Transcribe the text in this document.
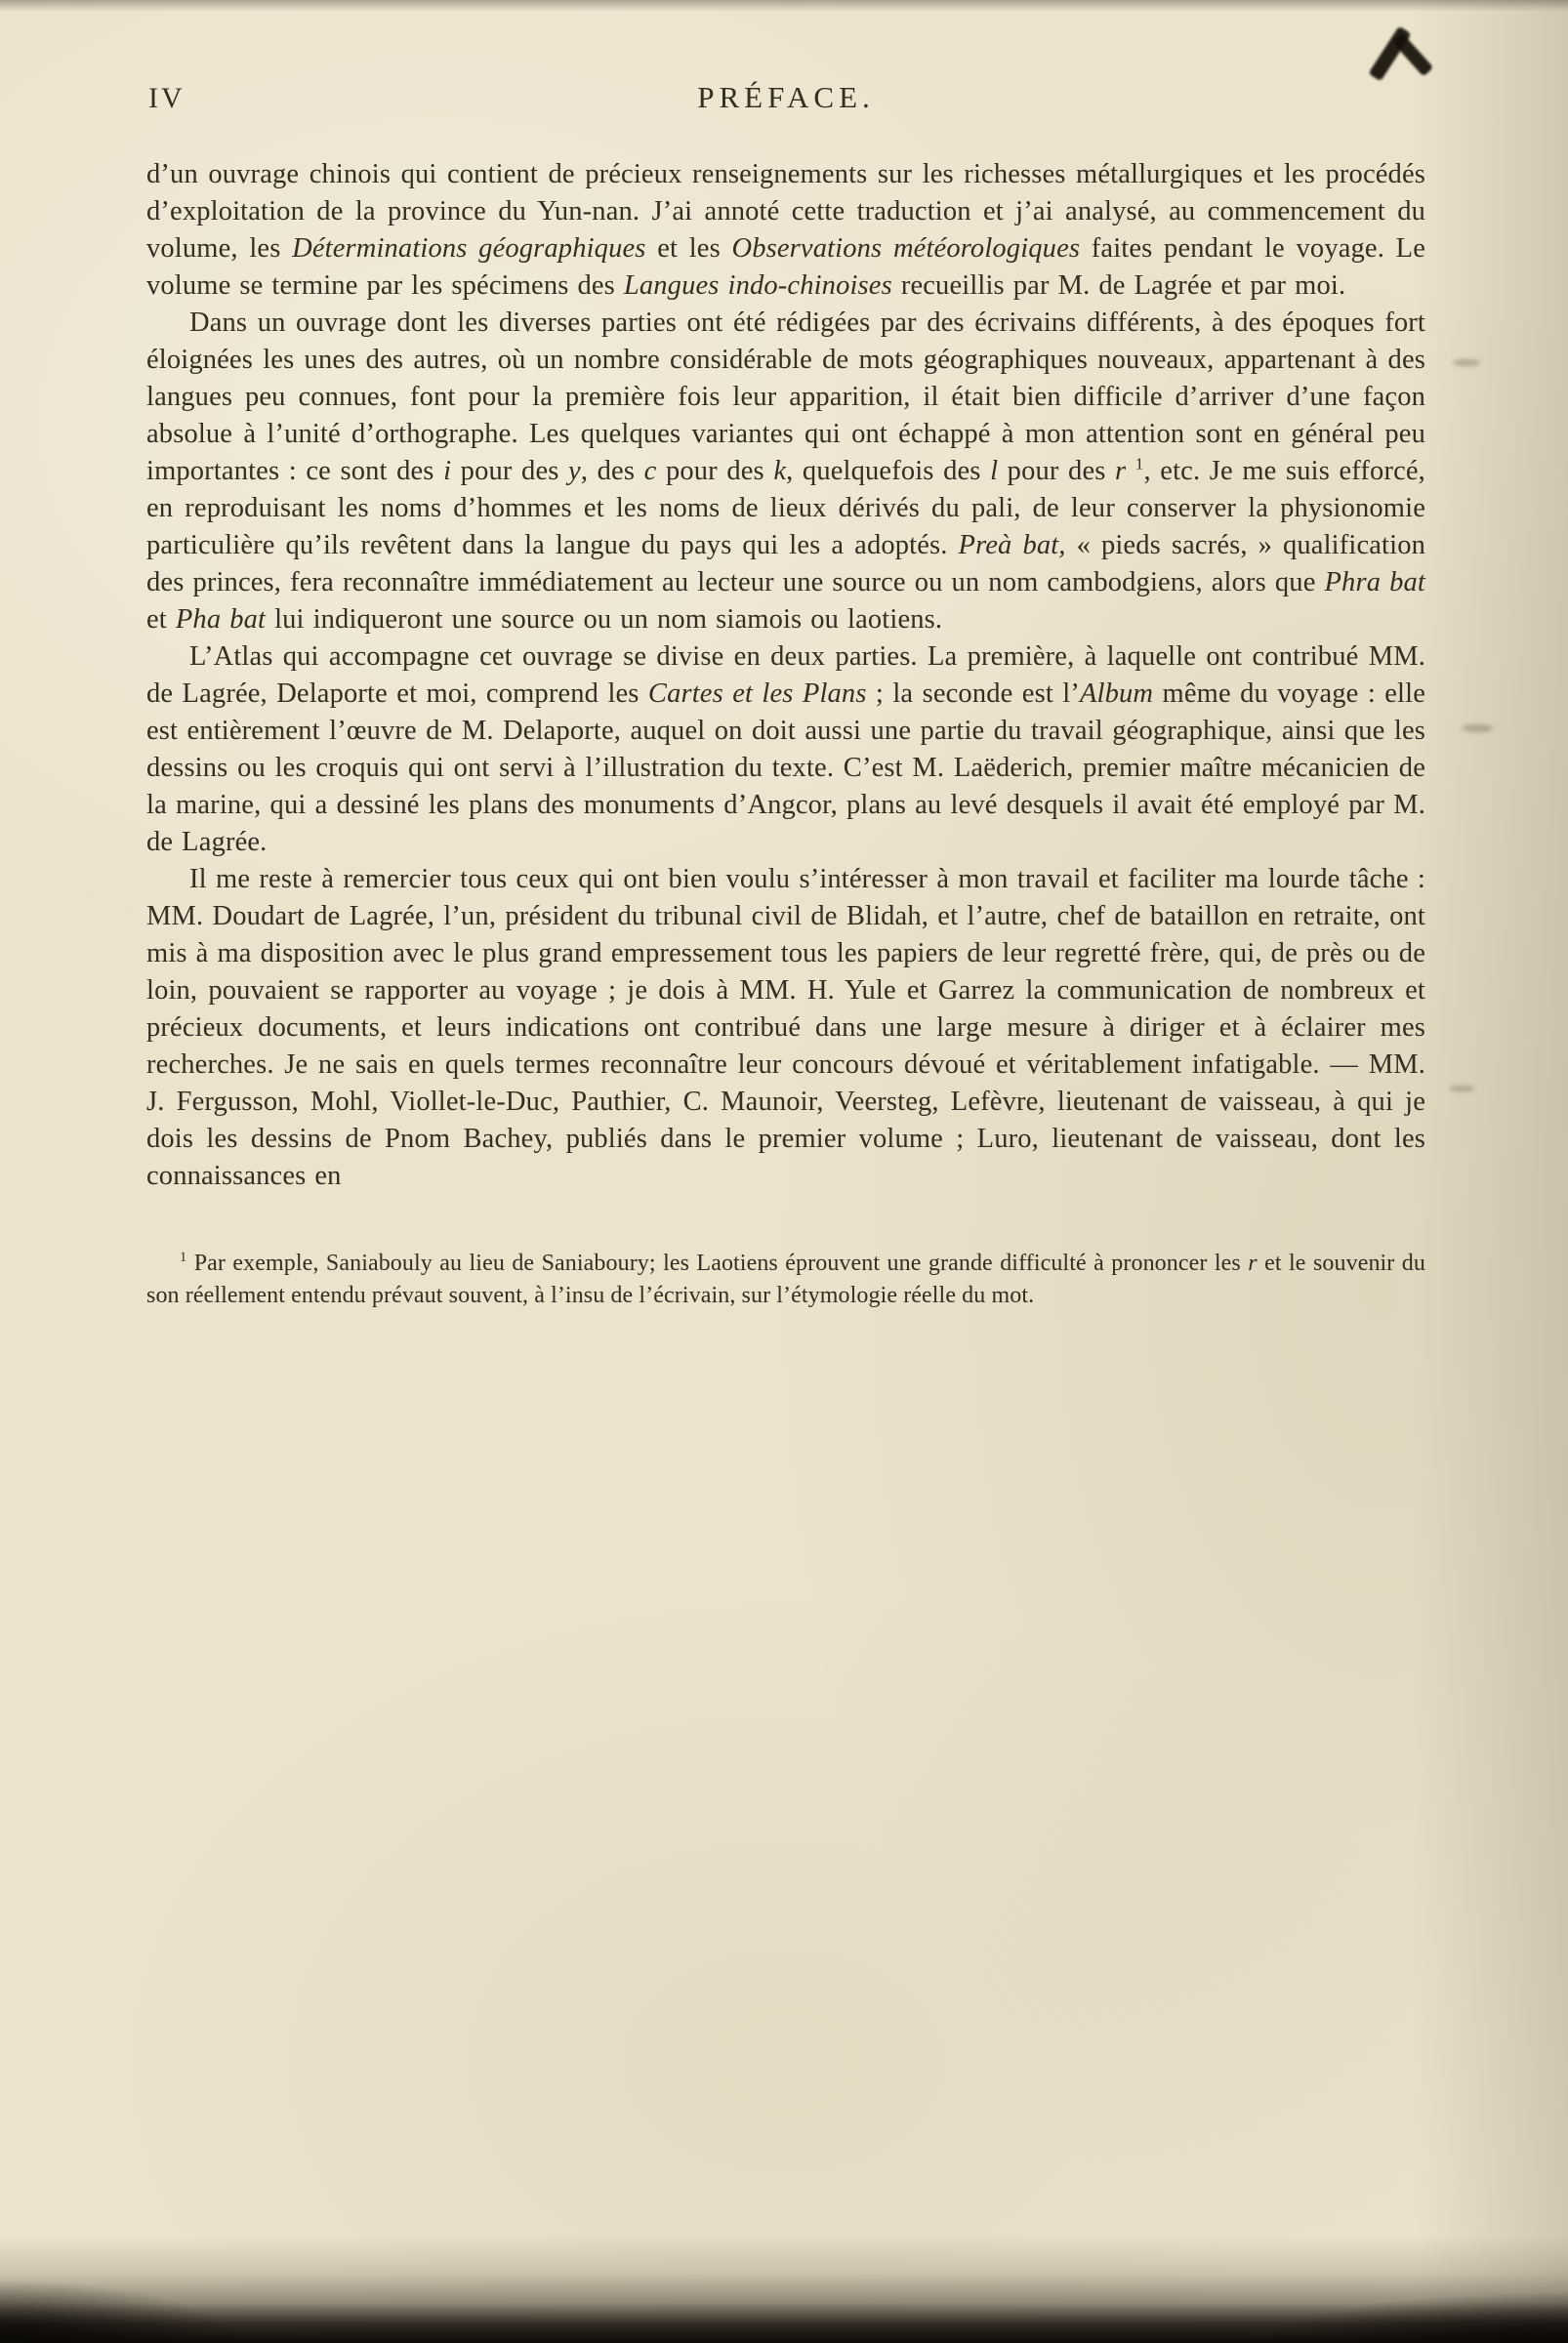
IV	PRÉFACE.

d’un ouvrage chinois qui contient de précieux renseignements sur les richesses métallurgiques et les procédés d’exploitation de la province du Yun-nan. J’ai annoté cette traduction et j’ai analysé, au commencement du volume, les Déterminations géographiques et les Observations météorologiques faites pendant le voyage. Le volume se termine par les spécimens des Langues indo-chinoises recueillis par M. de Lagrée et par moi.

Dans un ouvrage dont les diverses parties ont été rédigées par des écrivains différents, à des époques fort éloignées les unes des autres, où un nombre considérable de mots géographiques nouveaux, appartenant à des langues peu connues, font pour la première fois leur apparition, il était bien difficile d’arriver d’une façon absolue à l’unité d’orthographe. Les quelques variantes qui ont échappé à mon attention sont en général peu importantes : ce sont des i pour des y, des c pour des k, quelquefois des l pour des r $^1$, etc. Je me suis efforcé, en reproduisant les noms d’hommes et les noms de lieux dérivés du pali, de leur conserver la physionomie particulière qu’ils revêtent dans la langue du pays qui les a adoptés. Preà bat, « pieds sacrés, » qualification des princes, fera reconnaître immédiatement au lecteur une source ou un nom cambodgiens, alors que Phra bat et Pha bat lui indiqueront une source ou un nom siamois ou laotiens.

L’Atlas qui accompagne cet ouvrage se divise en deux parties. La première, à laquelle ont contribué MM. de Lagrée, Delaporte et moi, comprend les Cartes et les Plans ; la seconde est l’Album même du voyage : elle est entièrement l’œuvre de M. Delaporte, auquel on doit aussi une partie du travail géographique, ainsi que les dessins ou les croquis qui ont servi à l’illustration du texte. C’est M. Laëderich, premier maître mécanicien de la marine, qui a dessiné les plans des monuments d’Angcor, plans au levé desquels il avait été employé par M. de Lagrée.

Il me reste à remercier tous ceux qui ont bien voulu s’intéresser à mon travail et faciliter ma lourde tâche : MM. Doudart de Lagrée, l’un, président du tribunal civil de Blidah, et l’autre, chef de bataillon en retraite, ont mis à ma disposition avec le plus grand empressement tous les papiers de leur regretté frère, qui, de près ou de loin, pouvaient se rapporter au voyage ; je dois à MM. H. Yule et Garrez la communication de nombreux et précieux documents, et leurs indications ont contribué dans une large mesure à diriger et à éclairer mes recherches. Je ne sais en quels termes reconnaître leur concours dévoué et véritablement infatigable. — MM. J. Fergusson, Mohl, Viollet-le-Duc, Pauthier, C. Maunoir, Veersteg, Lefèvre, lieutenant de vaisseau, à qui je dois les dessins de Pnom Bachey, publiés dans le premier volume ; Luro, lieutenant de vaisseau, dont les connaissances en

$^1$ Par exemple, Saniabouly au lieu de Saniaboury; les Laotiens éprouvent une grande difficulté à prononcer les r et le souvenir du son réellement entendu prévaut souvent, à l’insu de l’écrivain, sur l’étymologie réelle du mot.
